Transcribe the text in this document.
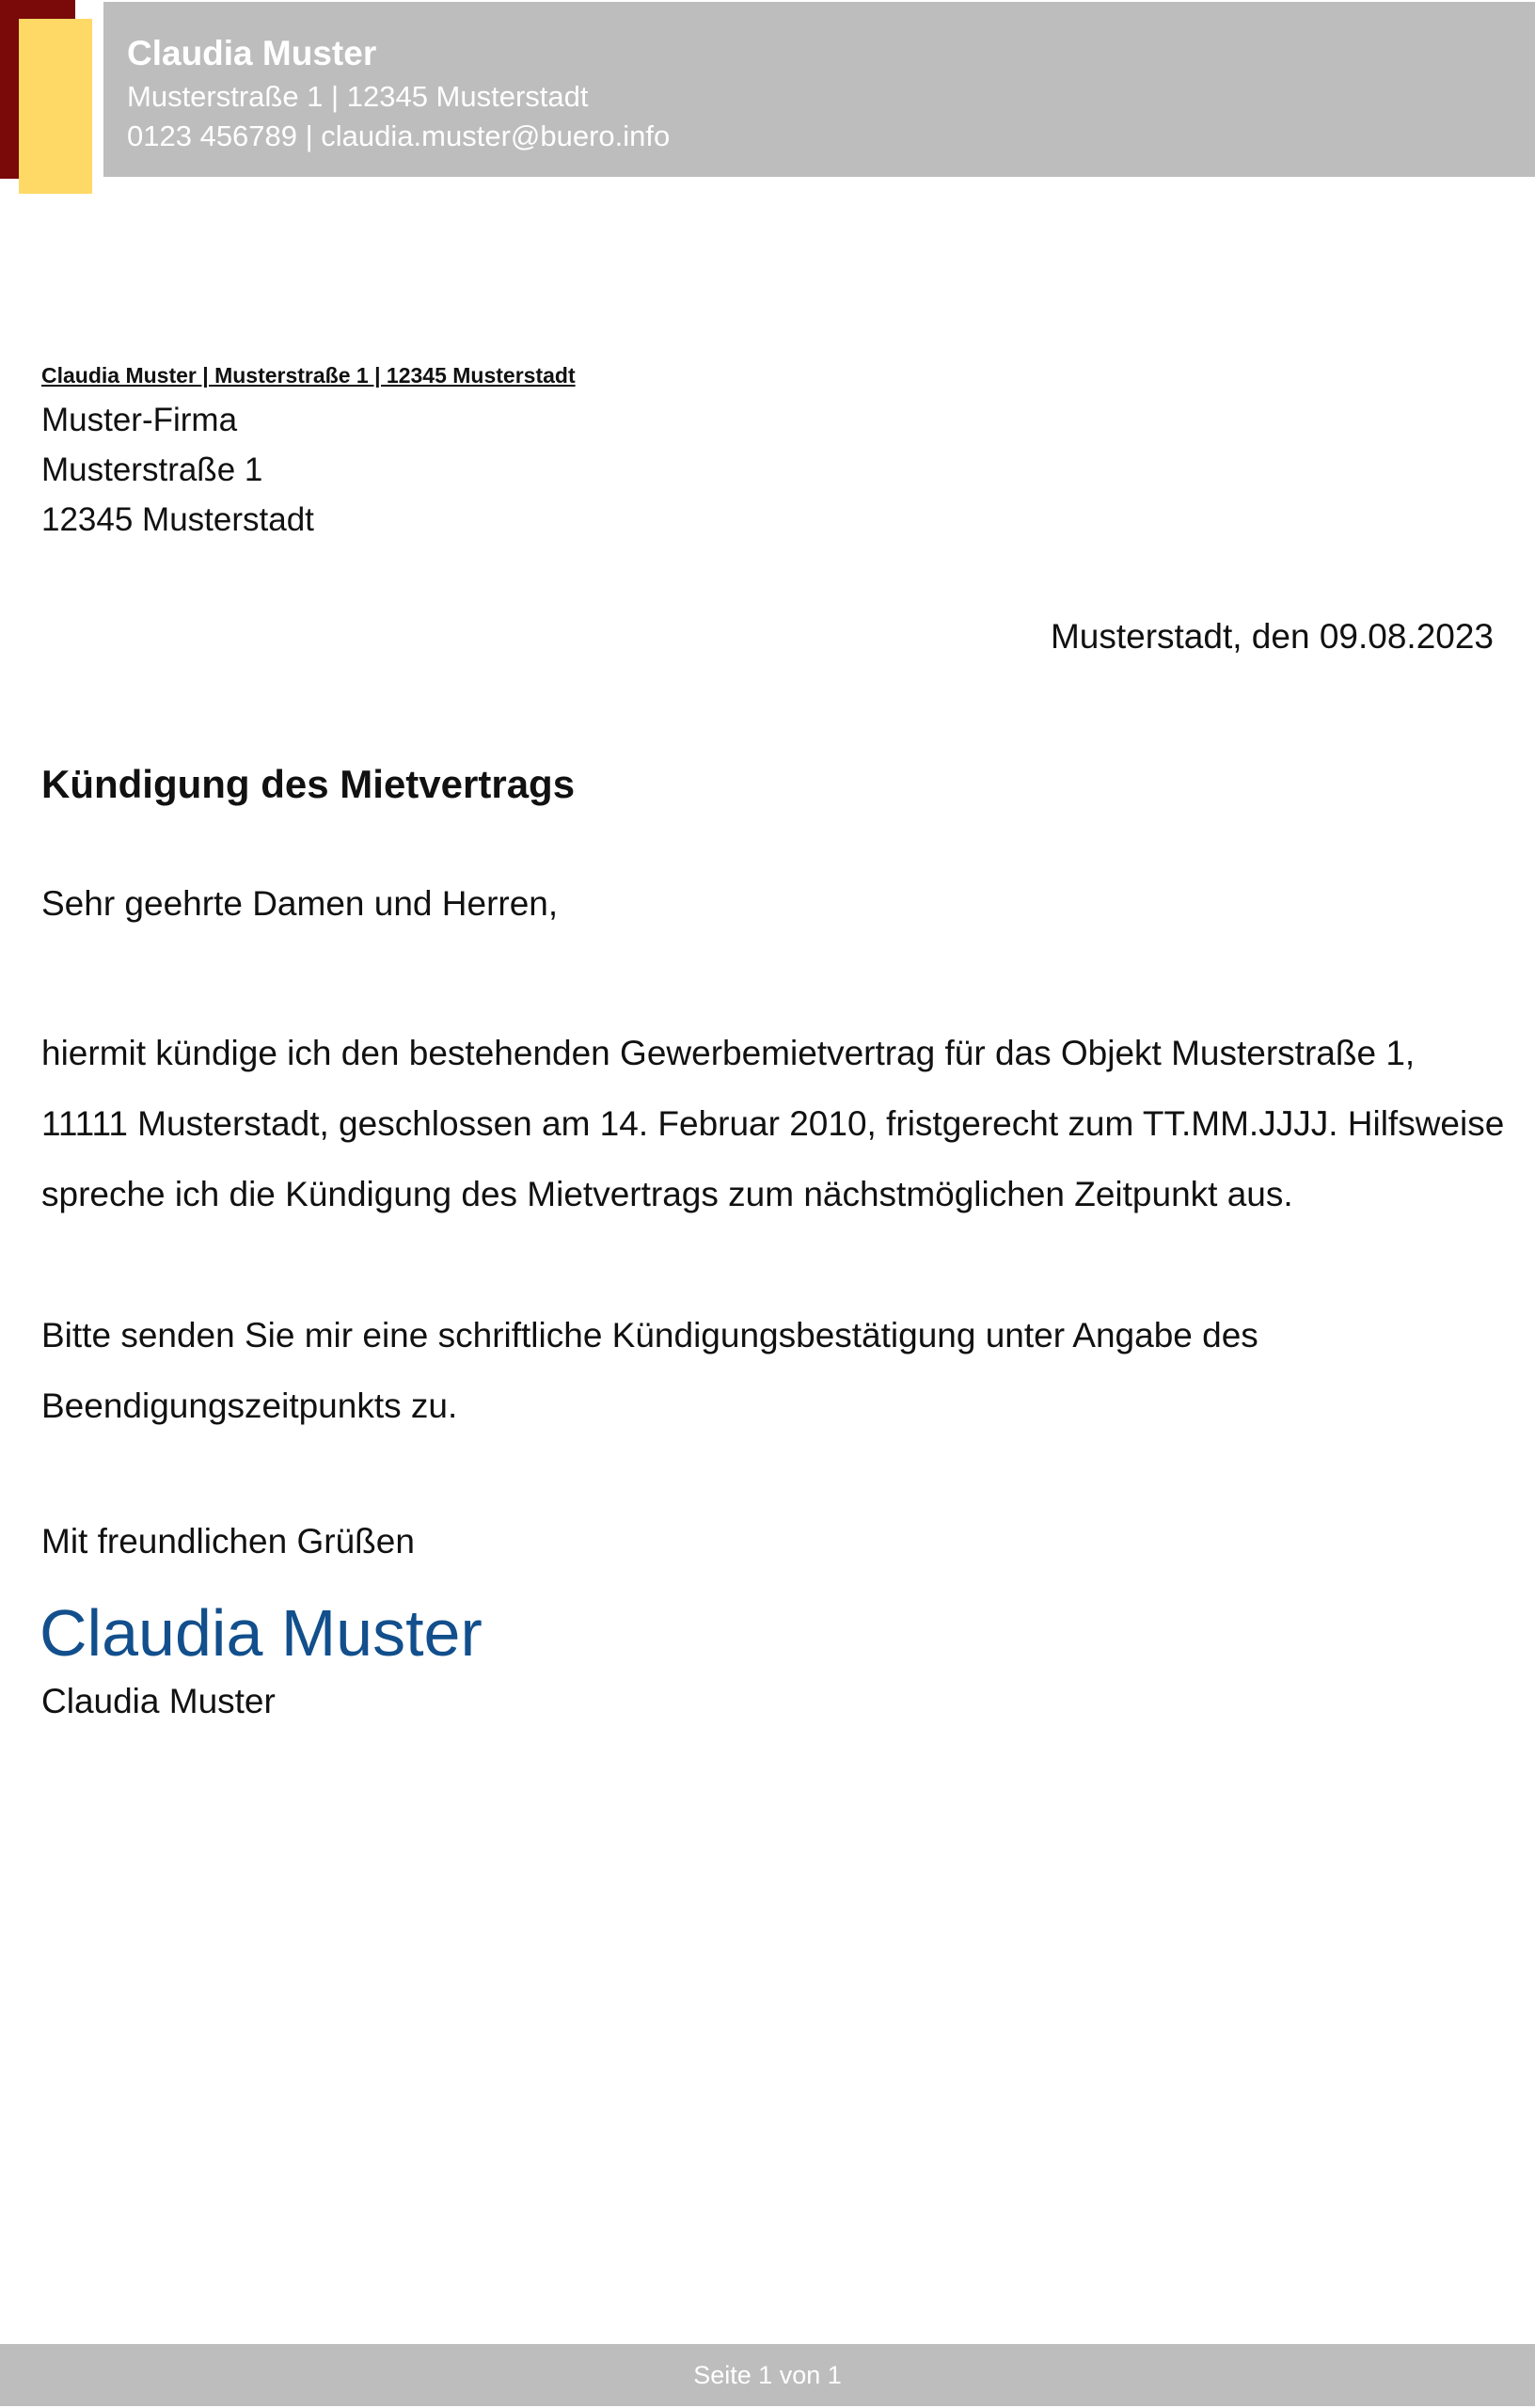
Claudia Muster
Musterstraße 1 | 12345 Musterstadt
0123 456789 | claudia.muster@buero.info
Claudia Muster | Musterstraße 1 | 12345 Musterstadt
Muster-Firma
Musterstraße 1
12345 Musterstadt
Musterstadt, den 09.08.2023
Kündigung des Mietvertrags
Sehr geehrte Damen und Herren,

hiermit kündige ich den bestehenden Gewerbemietvertrag für das Objekt Musterstraße 1, 11111 Musterstadt, geschlossen am 14. Februar 2010, fristgerecht zum TT.MM.JJJJ. Hilfsweise spreche ich die Kündigung des Mietvertrags zum nächstmöglichen Zeitpunkt aus.

Bitte senden Sie mir eine schriftliche Kündigungsbestätigung unter Angabe des Beendigungszeitpunkts zu.

Mit freundlichen Grüßen
Claudia Muster
Claudia Muster
Seite 1 von 1
